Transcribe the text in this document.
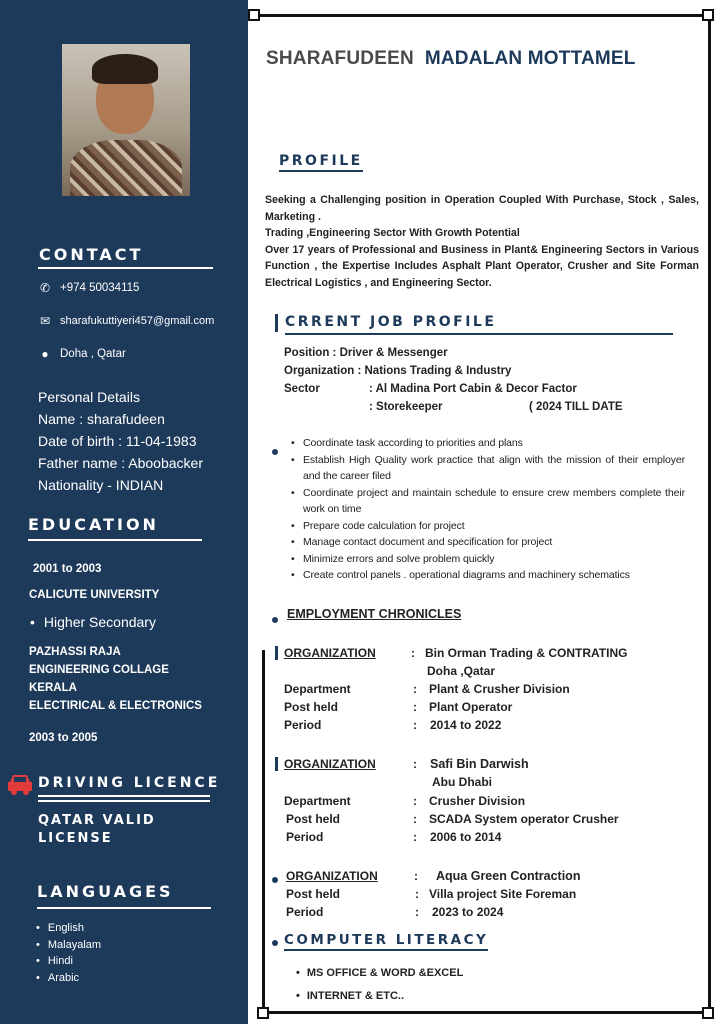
CONTACT
✆ +974 50034115
✉ sharafukuttiyeri457@gmail.com
● Doha , Qatar
Personal Details
Name : sharafudeen
Date of birth : 11-04-1983
Father name : Aboobacker
Nationality - INDIAN
EDUCATION
2001 to 2003
CALICUTE UNIVERSITY
• Higher Secondary
PAZHASSI RAJA
ENGINEERING COLLAGE
KERALA
ELECTIRICAL & ELECTRONICS
2003 to 2005
DRIVING LICENCE
QATAR VALID
LICENSE
LANGUAGES
• English
• Malayalam
• Hindi
• Arabic
SHARAFUDEEN MADALAN MOTTAMEL
PROFILE
Seeking a Challenging position in Operation Coupled With Purchase, Stock , Sales, Marketing .
Trading ,Engineering Sector With Growth Potential
Over 17 years of Professional and Business in Plant& Engineering Sectors in Various Function , the Expertise Includes Asphalt Plant Operator, Crusher and Site Forman Electrical Logistics , and Engineering Sector.
CRRENT JOB PROFILE
Position : Driver & Messenger
Organization : Nations Trading & Industry
Sector	: Al Madina Port Cabin & Decor Factor
: Storekeeper	( 2024 TILL DATE
• Coordinate task according to priorities and plans
• Establish High Quality work practice that align with the mission of their employer and the career filed
• Coordinate project and maintain schedule to ensure crew members complete their work on time
• Prepare code calculation for project
• Manage contact document and specification for project
• Minimize errors and solve problem quickly
• Create control panels . operational diagrams and machinery schematics
EMPLOYMENT CHRONICLES
ORGANIZATION	: Bin Orman Trading & CONTRATING
Doha ,Qatar
Department	: Plant & Crusher Division
Post held	: Plant Operator
Period	: 2014 to 2022
ORGANIZATION	: Safi Bin Darwish
Abu Dhabi
Department	: Crusher Division
Post held	: SCADA System operator Crusher
Period	: 2006 to 2014
ORGANIZATION	: Aqua Green Contraction
Post held	: Villa project Site Foreman
Period	: 2023 to 2024
COMPUTER LITERACY
• MS OFFICE & WORD &EXCEL
• INTERNET & ETC..
